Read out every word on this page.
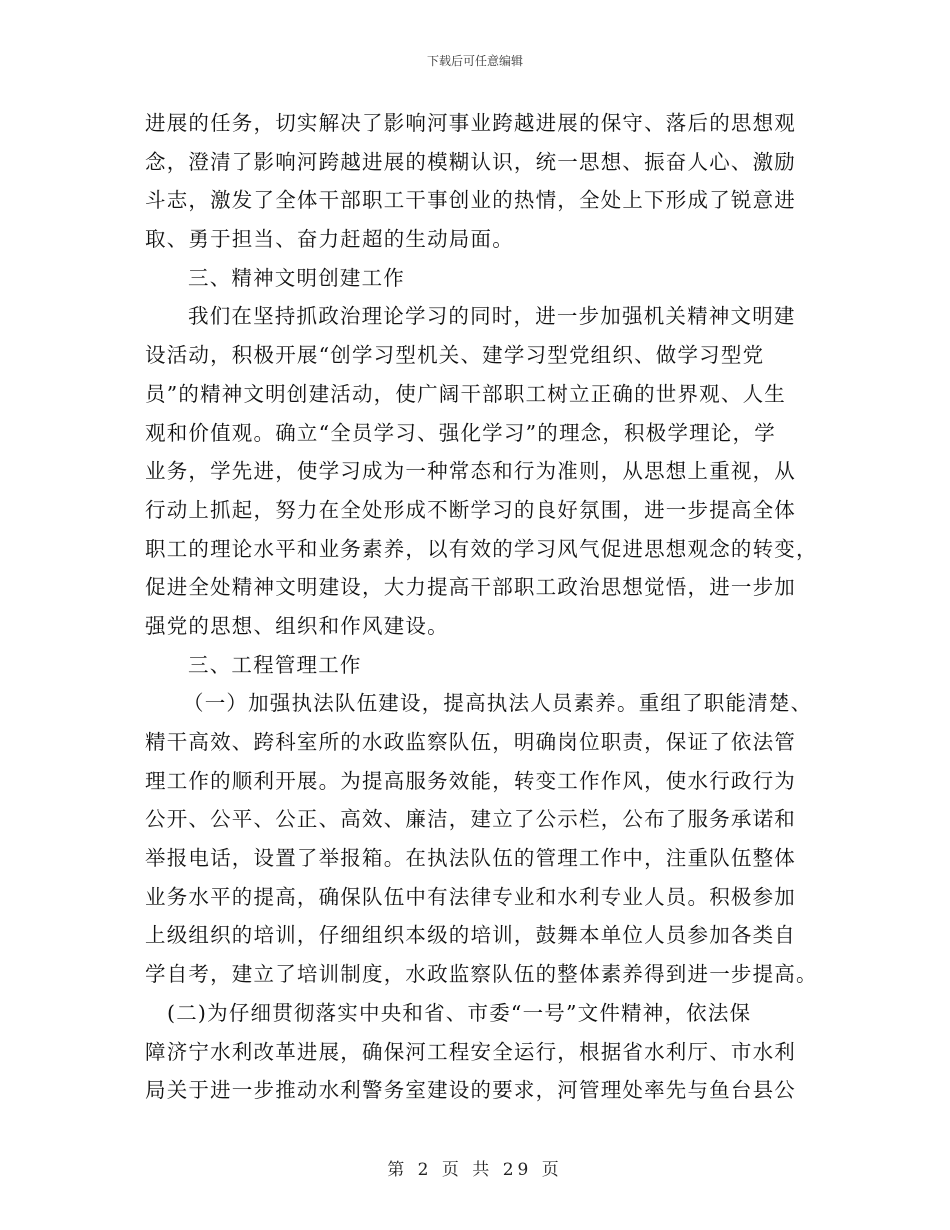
下载后可任意编辑
进展的任务，切实解决了影响河事业跨越进展的保守、落后的思想观
念，澄清了影响河跨越进展的模糊认识，统一思想、振奋人心、激励
斗志，激发了全体干部职工干事创业的热情，全处上下形成了锐意进
取、勇于担当、奋力赶超的生动局面。
三、精神文明创建工作
我们在坚持抓政治理论学习的同时，进一步加强机关精神文明建
设活动，积极开展“创学习型机关、建学习型党组织、做学习型党
员”的精神文明创建活动，使广阔干部职工树立正确的世界观、人生
观和价值观。确立“全员学习、强化学习”的理念，积极学理论，学
业务，学先进，使学习成为一种常态和行为准则，从思想上重视，从
行动上抓起，努力在全处形成不断学习的良好氛围，进一步提高全体
职工的理论水平和业务素养，以有效的学习风气促进思想观念的转变，
促进全处精神文明建设，大力提高干部职工政治思想觉悟，进一步加
强党的思想、组织和作风建设。
三、工程管理工作
（一）加强执法队伍建设，提高执法人员素养。重组了职能清楚、
精干高效、跨科室所的水政监察队伍，明确岗位职责，保证了依法管
理工作的顺利开展。为提高服务效能，转变工作作风，使水行政行为
公开、公平、公正、高效、廉洁，建立了公示栏，公布了服务承诺和
举报电话，设置了举报箱。在执法队伍的管理工作中，注重队伍整体
业务水平的提高，确保队伍中有法律专业和水利专业人员。积极参加
上级组织的培训，仔细组织本级的培训，鼓舞本单位人员参加各类自
学自考，建立了培训制度，水政监察队伍的整体素养得到进一步提高。
(二)为仔细贯彻落实中央和省、市委“一号”文件精神，依法保
障济宁水利改革进展，确保河工程安全运行，根据省水利厅、市水利
局关于进一步推动水利警务室建设的要求，河管理处率先与鱼台县公
第 2 页 共 29 页
